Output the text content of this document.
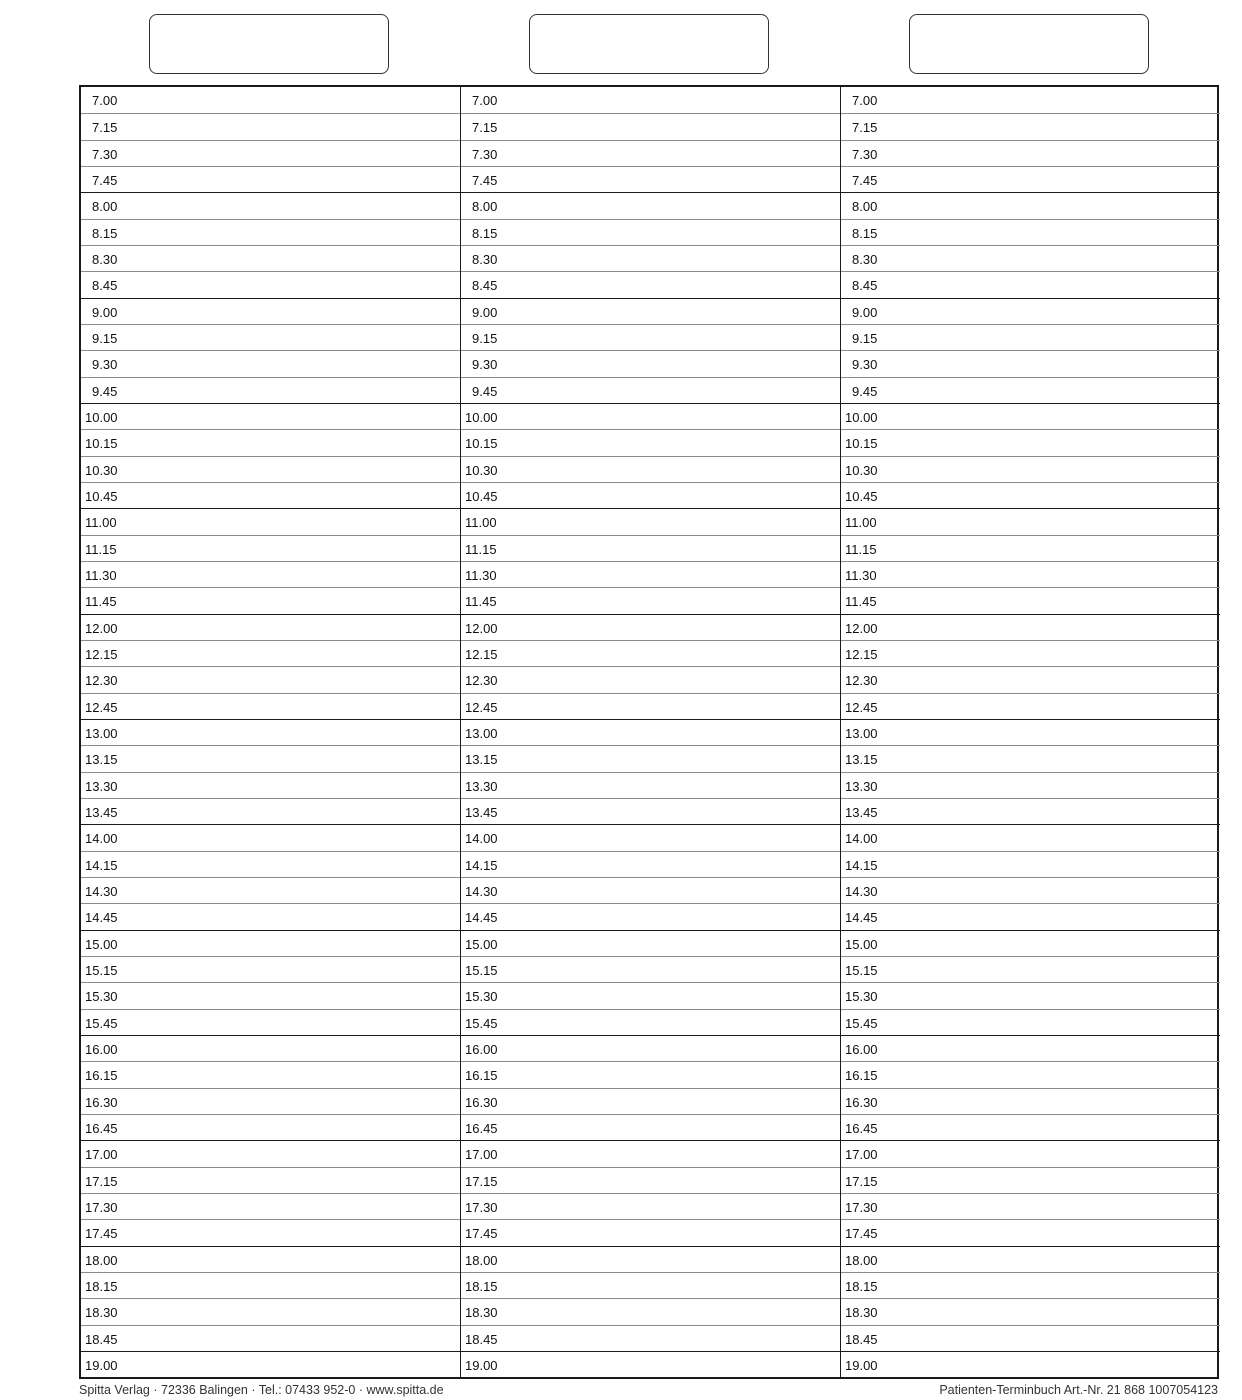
7.00
7.15
7.30
7.45
8.00
8.15
8.30
8.45
9.00
9.15
9.30
9.45
10.00
10.15
10.30
10.45
11.00
11.15
11.30
11.45
12.00
12.15
12.30
12.45
13.00
13.15
13.30
13.45
14.00
14.15
14.30
14.45
15.00
15.15
15.30
15.45
16.00
16.15
16.30
16.45
17.00
17.15
17.30
17.45
18.00
18.15
18.30
18.45
19.00
7.00
7.15
7.30
7.45
8.00
8.15
8.30
8.45
9.00
9.15
9.30
9.45
10.00
10.15
10.30
10.45
11.00
11.15
11.30
11.45
12.00
12.15
12.30
12.45
13.00
13.15
13.30
13.45
14.00
14.15
14.30
14.45
15.00
15.15
15.30
15.45
16.00
16.15
16.30
16.45
17.00
17.15
17.30
17.45
18.00
18.15
18.30
18.45
19.00
7.00
7.15
7.30
7.45
8.00
8.15
8.30
8.45
9.00
9.15
9.30
9.45
10.00
10.15
10.30
10.45
11.00
11.15
11.30
11.45
12.00
12.15
12.30
12.45
13.00
13.15
13.30
13.45
14.00
14.15
14.30
14.45
15.00
15.15
15.30
15.45
16.00
16.15
16.30
16.45
17.00
17.15
17.30
17.45
18.00
18.15
18.30
18.45
19.00
Spitta Verlag · 72336 Balingen · Tel.: 07433 952-0 · www.spitta.de	Patienten-Terminbuch Art.-Nr. 21 868 1007054123
